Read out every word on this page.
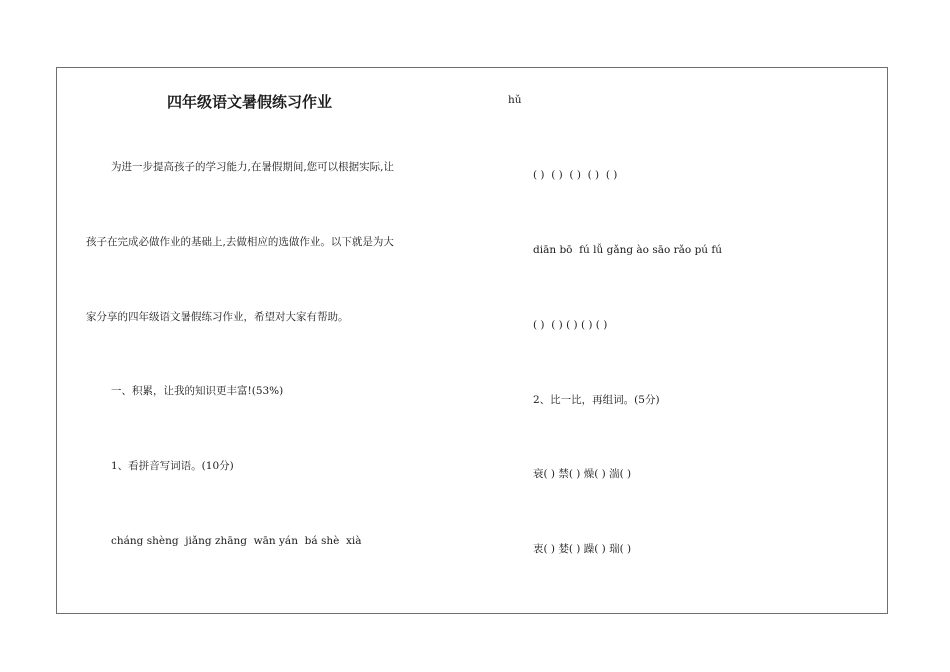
四年级语文暑假练习作业
为进一步提高孩子的学习能力,在暑假期间,您可以根据实际,让
孩子在完成必做作业的基础上,去做相应的选做作业。以下就是为大
家分享的四年级语文暑假练习作业，希望对大家有帮助。
一、积累，让我的知识更丰富!(53%)
1、看拼音写词语。(10分)
cháng shèng  jiǎng zhāng  wān yán  bá shè  xià
hǔ
( )  ( )  ( )  ( )  ( )
diān bō  fú lǚ gǎng ào sāo rǎo pú fú
( )  ( ) ( ) ( ) ( )
2、比一比，再组词。(5分)
衰( ) 禁( ) 燥( ) 湍( )
衷( ) 婪( ) 躁( ) 瑞( )
